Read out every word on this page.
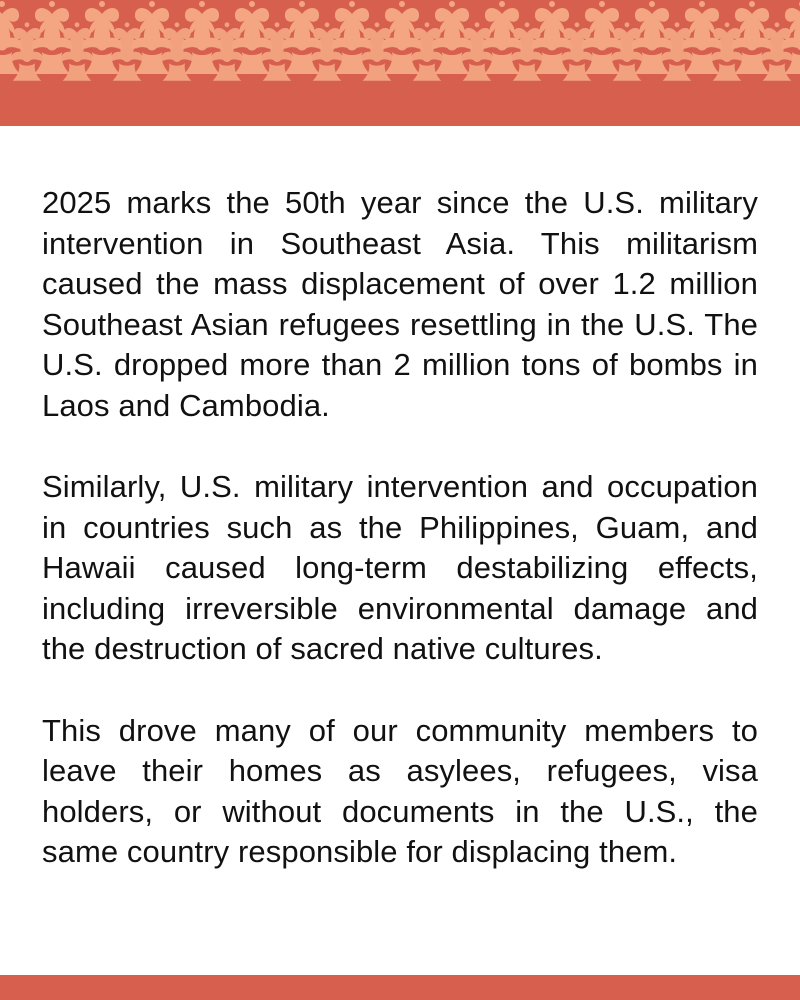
2025 marks the 50th year since the U.S. military intervention in Southeast Asia. This militarism caused the mass displacement of over 1.2 million Southeast Asian refugees resettling in the U.S. The U.S. dropped more than 2 million tons of bombs in Laos and Cambodia.

Similarly, U.S. military intervention and occupation in countries such as the Philippines, Guam, and Hawaii caused long-term destabilizing effects, including irreversible environmental damage and the destruction of sacred native cultures.

This drove many of our community members to leave their homes as asylees, refugees, visa holders, or without documents in the U.S., the same country responsible for displacing them.
